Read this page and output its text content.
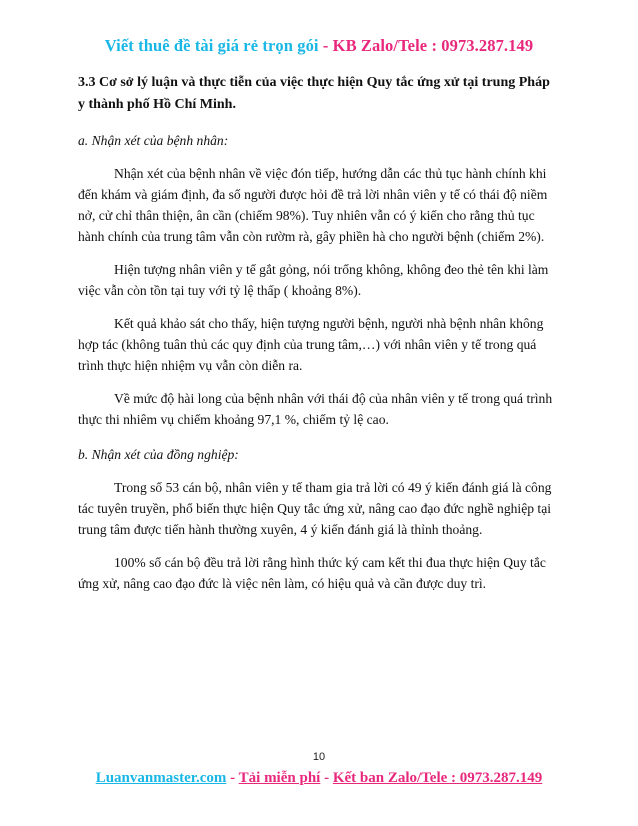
Viết thuê đề tài giá rẻ trọn gói - KB Zalo/Tele : 0973.287.149

3.3 Cơ sở lý luận và thực tiễn của việc thực hiện Quy tắc ứng xử tại trung Pháp y thành phố Hồ Chí Minh.

a. Nhận xét của bệnh nhân:

Nhận xét của bệnh nhân về việc đón tiếp, hướng dẫn các thủ tục hành chính khi đến khám và giám định, đa số người được hỏi đề trả lời nhân viên y tế có thái độ niềm nở, cử chỉ thân thiện, ân cần (chiếm 98%). Tuy nhiên vẫn có ý kiến cho rằng thủ tục hành chính của trung tâm vẫn còn rườm rà, gây phiền hà cho người bệnh (chiếm 2%).

Hiện tượng nhân viên y tế gắt gỏng, nói trống không, không đeo thẻ tên khi làm việc vẫn còn tồn tại tuy với tỷ lệ thấp ( khoảng 8%).

Kết quả khảo sát cho thấy, hiện tượng người bệnh, người nhà bệnh nhân không hợp tác (không tuân thủ các quy định của trung tâm,…) với nhân viên y tế trong quá trình thực hiện nhiệm vụ vẫn còn diễn ra.

Về mức độ hài long của bệnh nhân với thái độ của nhân viên y tế trong quá trình thực thi nhiêm vụ chiếm khoảng 97,1 %, chiếm tỷ lệ cao.

b. Nhận xét của đồng nghiệp:

Trong số 53 cán bộ, nhân viên y tế tham gia trả lời có 49 ý kiến đánh giá là công tác tuyên truyền, phổ biến thực hiện Quy tắc ứng xử, nâng cao đạo đức nghề nghiệp tại trung tâm được tiến hành thường xuyên, 4 ý kiến đánh giá là thỉnh thoảng.

100% số cán bộ đều trả lời rằng hình thức ký cam kết thi đua thực hiện Quy tắc ứng xử, nâng cao đạo đức là việc nên làm, có hiệu quả và cần được duy trì.

10
Luanvanmaster.com - Tải miễn phí - Kết ban Zalo/Tele : 0973.287.149
